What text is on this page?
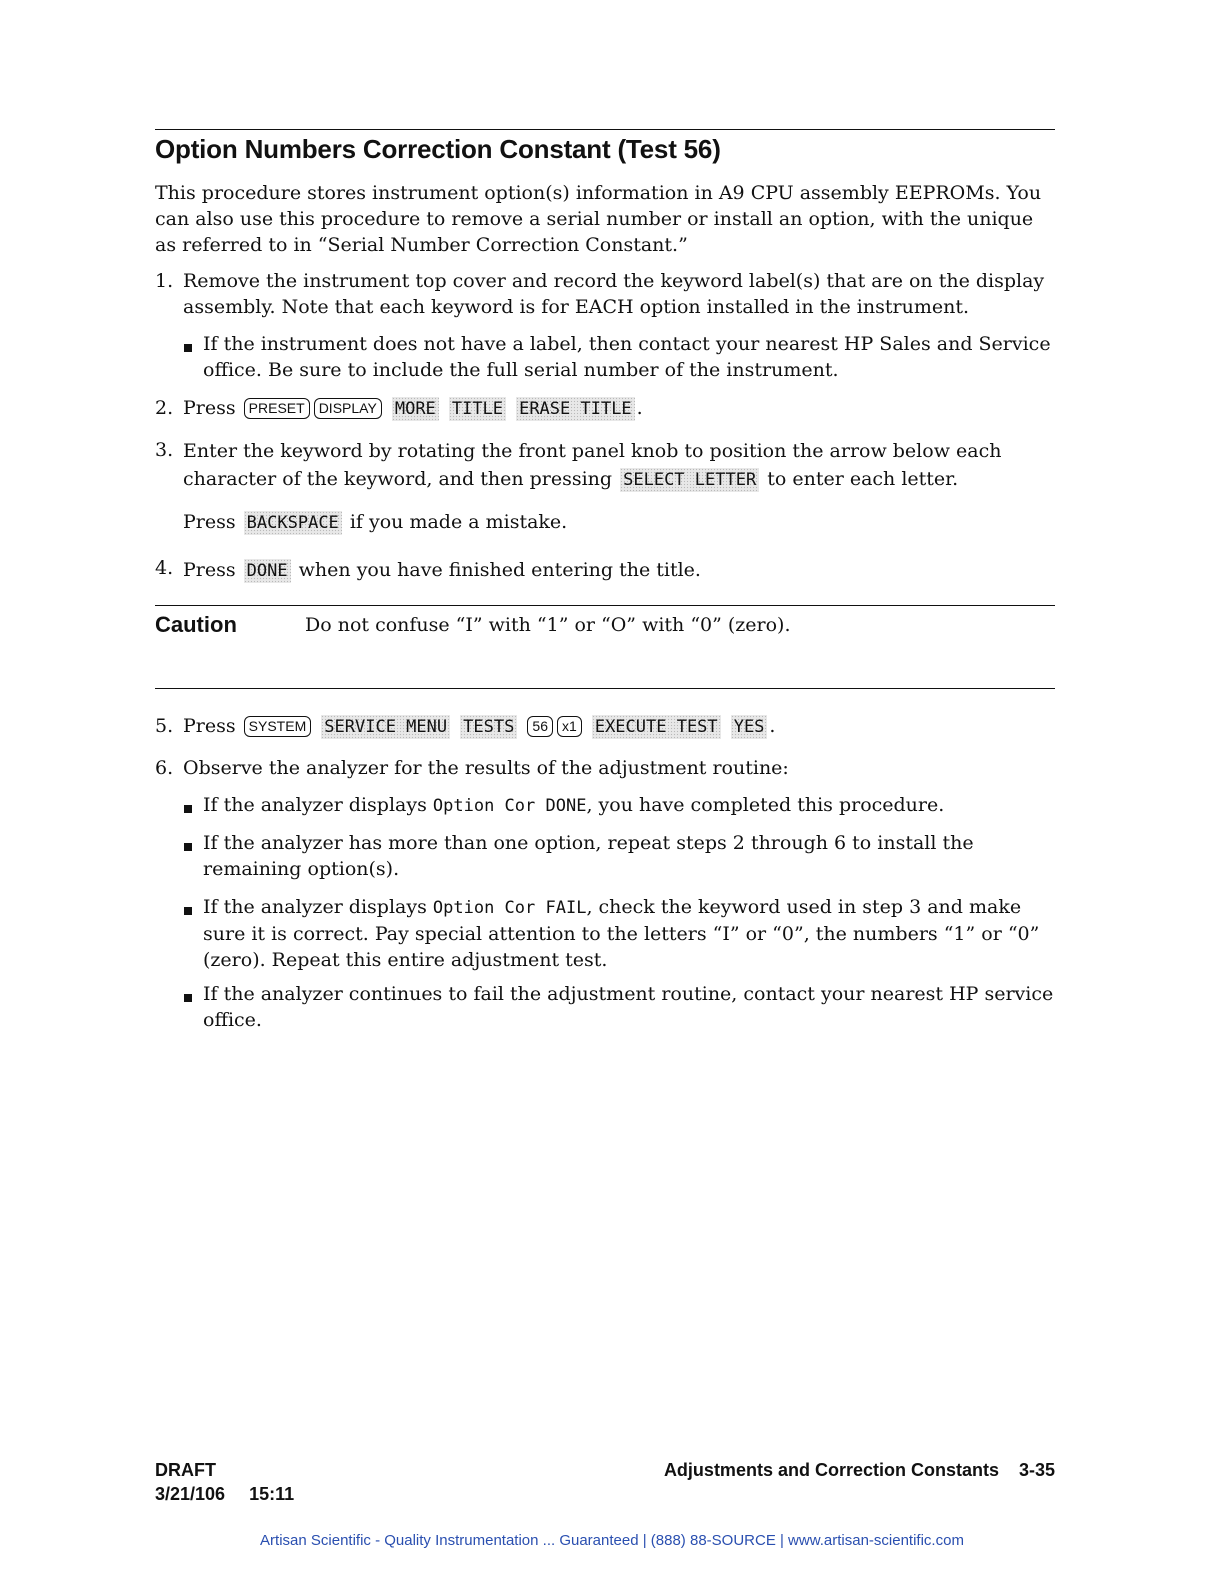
Option Numbers Correction Constant (Test 56)
This procedure stores instrument option(s) information in A9 CPU assembly EEPROMs. You can also use this procedure to remove a serial number or install an option, with the unique as referred to in “Serial Number Correction Constant.”
1. Remove the instrument top cover and record the keyword label(s) that are on the display assembly. Note that each keyword is for EACH option installed in the instrument.
If the instrument does not have a label, then contact your nearest HP Sales and Service office. Be sure to include the full serial number of the instrument.
2. Press PRESET DISPLAY MORE TITLE ERASE TITLE .
3. Enter the keyword by rotating the front panel knob to position the arrow below each character of the keyword, and then pressing SELECT LETTER to enter each letter.
Press BACKSPACE if you made a mistake.
4. Press DONE when you have finished entering the title.
Caution	Do not confuse “I” with “1” or “O” with “0” (zero).
5. Press SYSTEM SERVICE MENU TESTS 56 x1 EXECUTE TEST YES .
6. Observe the analyzer for the results of the adjustment routine:
If the analyzer displays Option Cor DONE, you have completed this procedure.
If the analyzer has more than one option, repeat steps 2 through 6 to install the remaining option(s).
If the analyzer displays Option Cor FAIL, check the keyword used in step 3 and make sure it is correct. Pay special attention to the letters “I” or “0”, the numbers “1” or “0” (zero). Repeat this entire adjustment test.
If the analyzer continues to fail the adjustment routine, contact your nearest HP service office.
DRAFT
3/21/106 15:11
Adjustments and Correction Constants 3-35
Artisan Scientific - Quality Instrumentation ... Guaranteed | (888) 88-SOURCE | www.artisan-scientific.com
